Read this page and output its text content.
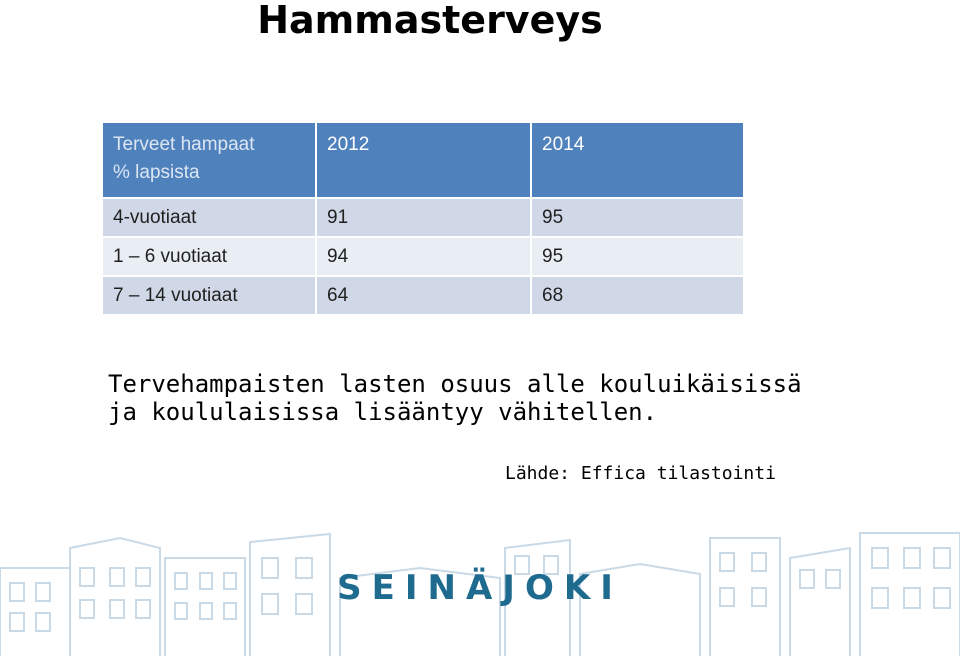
Hammasterveys
Terveet hampaat
% lapsista	2012	2014
4-vuotiaat	91	95
1 – 6 vuotiaat	94	95
7 – 14 vuotiaat	64	68
Tervehampaisten lasten osuus alle kouluikäisissä ja koululaisissa lisääntyy vähitellen.
Lähde: Effica tilastointi
SEINÄJOKI
